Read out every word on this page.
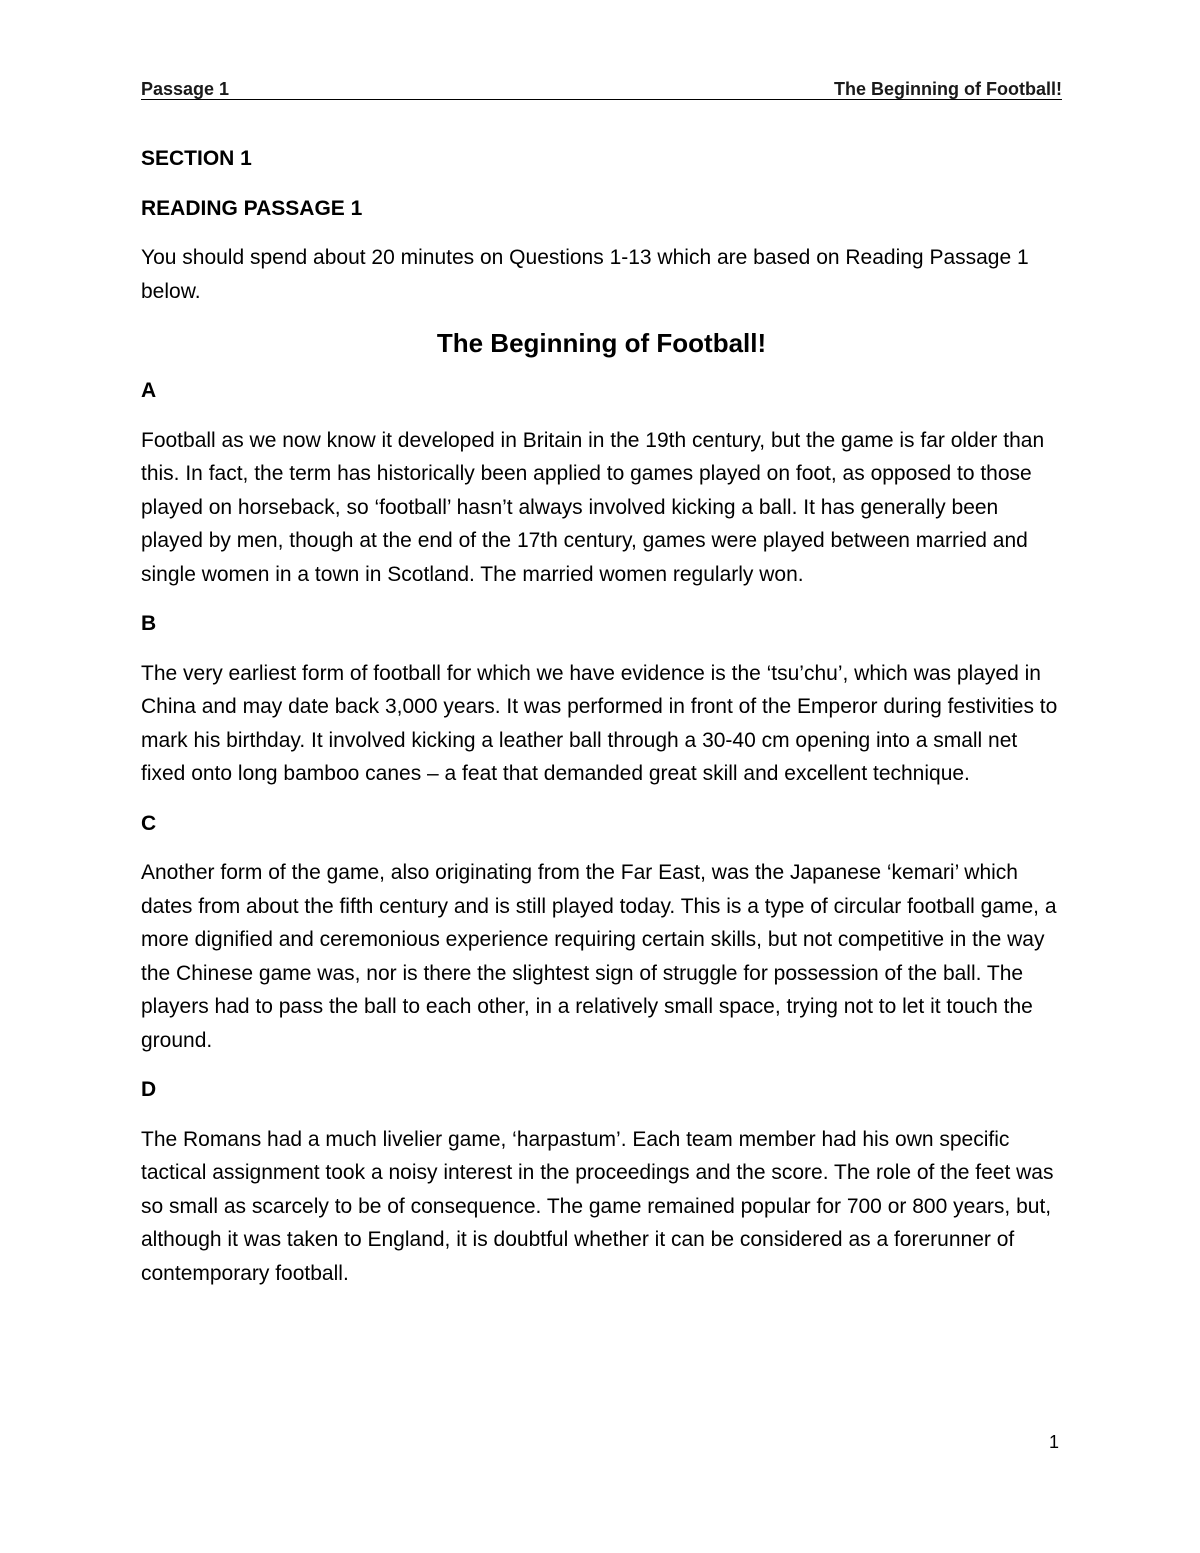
Passage 1	The Beginning of Football!

SECTION 1

READING PASSAGE 1

You should spend about 20 minutes on Questions 1-13 which are based on Reading Passage 1 below.

The Beginning of Football!

A

Football as we now know it developed in Britain in the 19th century, but the game is far older than this. In fact, the term has historically been applied to games played on foot, as opposed to those played on horseback, so ‘football’ hasn’t always involved kicking a ball. It has generally been played by men, though at the end of the 17th century, games were played between married and single women in a town in Scotland. The married women regularly won.

B

The very earliest form of football for which we have evidence is the ‘tsu’chu’, which was played in China and may date back 3,000 years. It was performed in front of the Emperor during festivities to mark his birthday. It involved kicking a leather ball through a 30-40 cm opening into a small net fixed onto long bamboo canes – a feat that demanded great skill and excellent technique.

C

Another form of the game, also originating from the Far East, was the Japanese ‘kemari’ which dates from about the fifth century and is still played today. This is a type of circular football game, a more dignified and ceremonious experience requiring certain skills, but not competitive in the way the Chinese game was, nor is there the slightest sign of struggle for possession of the ball. The players had to pass the ball to each other, in a relatively small space, trying not to let it touch the ground.

D

The Romans had a much livelier game, ‘harpastum’. Each team member had his own specific tactical assignment took a noisy interest in the proceedings and the score. The role of the feet was so small as scarcely to be of consequence. The game remained popular for 700 or 800 years, but, although it was taken to England, it is doubtful whether it can be considered as a forerunner of contemporary football.

1
